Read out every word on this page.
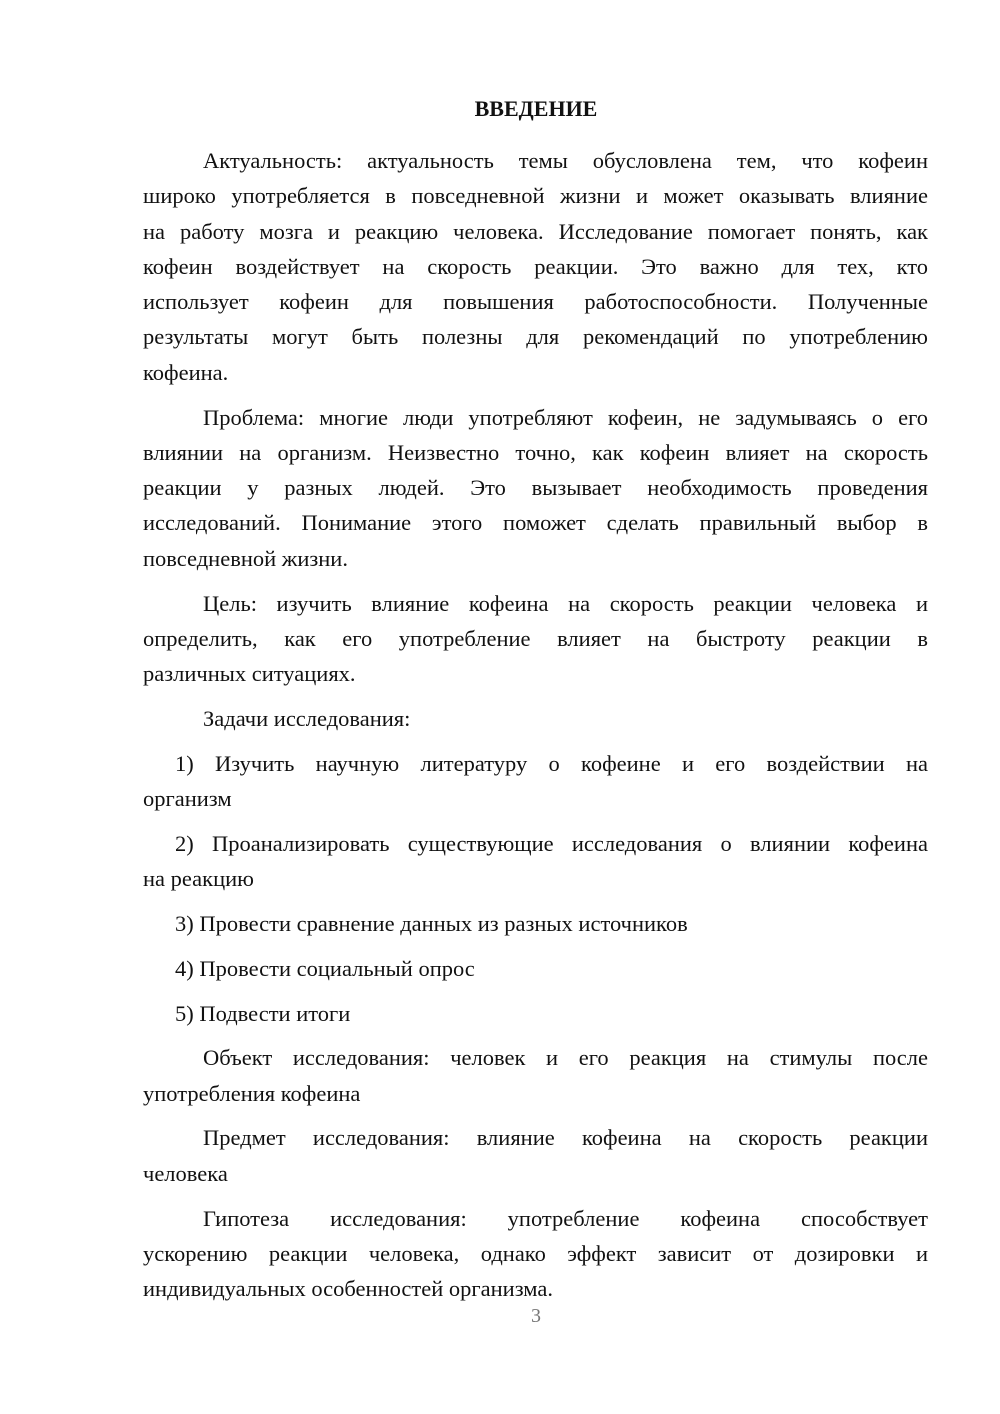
ВВЕДЕНИЕ
Актуальность: актуальность темы обусловлена тем, что кофеин
широко употребляется в повседневной жизни и может оказывать влияние
на работу мозга и реакцию человека. Исследование помогает понять, как
кофеин воздействует на скорость реакции. Это важно для тех, кто
использует кофеин для повышения работоспособности. Полученные
результаты могут быть полезны для рекомендаций по употреблению
кофеина.
Проблема: многие люди употребляют кофеин, не задумываясь о его
влиянии на организм. Неизвестно точно, как кофеин влияет на скорость
реакции у разных людей. Это вызывает необходимость проведения
исследований. Понимание этого поможет сделать правильный выбор в
повседневной жизни.
Цель: изучить влияние кофеина на скорость реакции человека и
определить, как его употребление влияет на быстроту реакции в
различных ситуациях.
Задачи исследования:
1) Изучить научную литературу о кофеине и его воздействии на
организм
2) Проанализировать существующие исследования о влиянии кофеина
на реакцию
3) Провести сравнение данных из разных источников
4) Провести социальный опрос
5) Подвести итоги
Объект исследования: человек и его реакция на стимулы после
употребления кофеина
Предмет исследования: влияние кофеина на скорость реакции
человека
Гипотеза исследования: употребление кофеина способствует
ускорению реакции человека, однако эффект зависит от дозировки и
индивидуальных особенностей организма.
3
